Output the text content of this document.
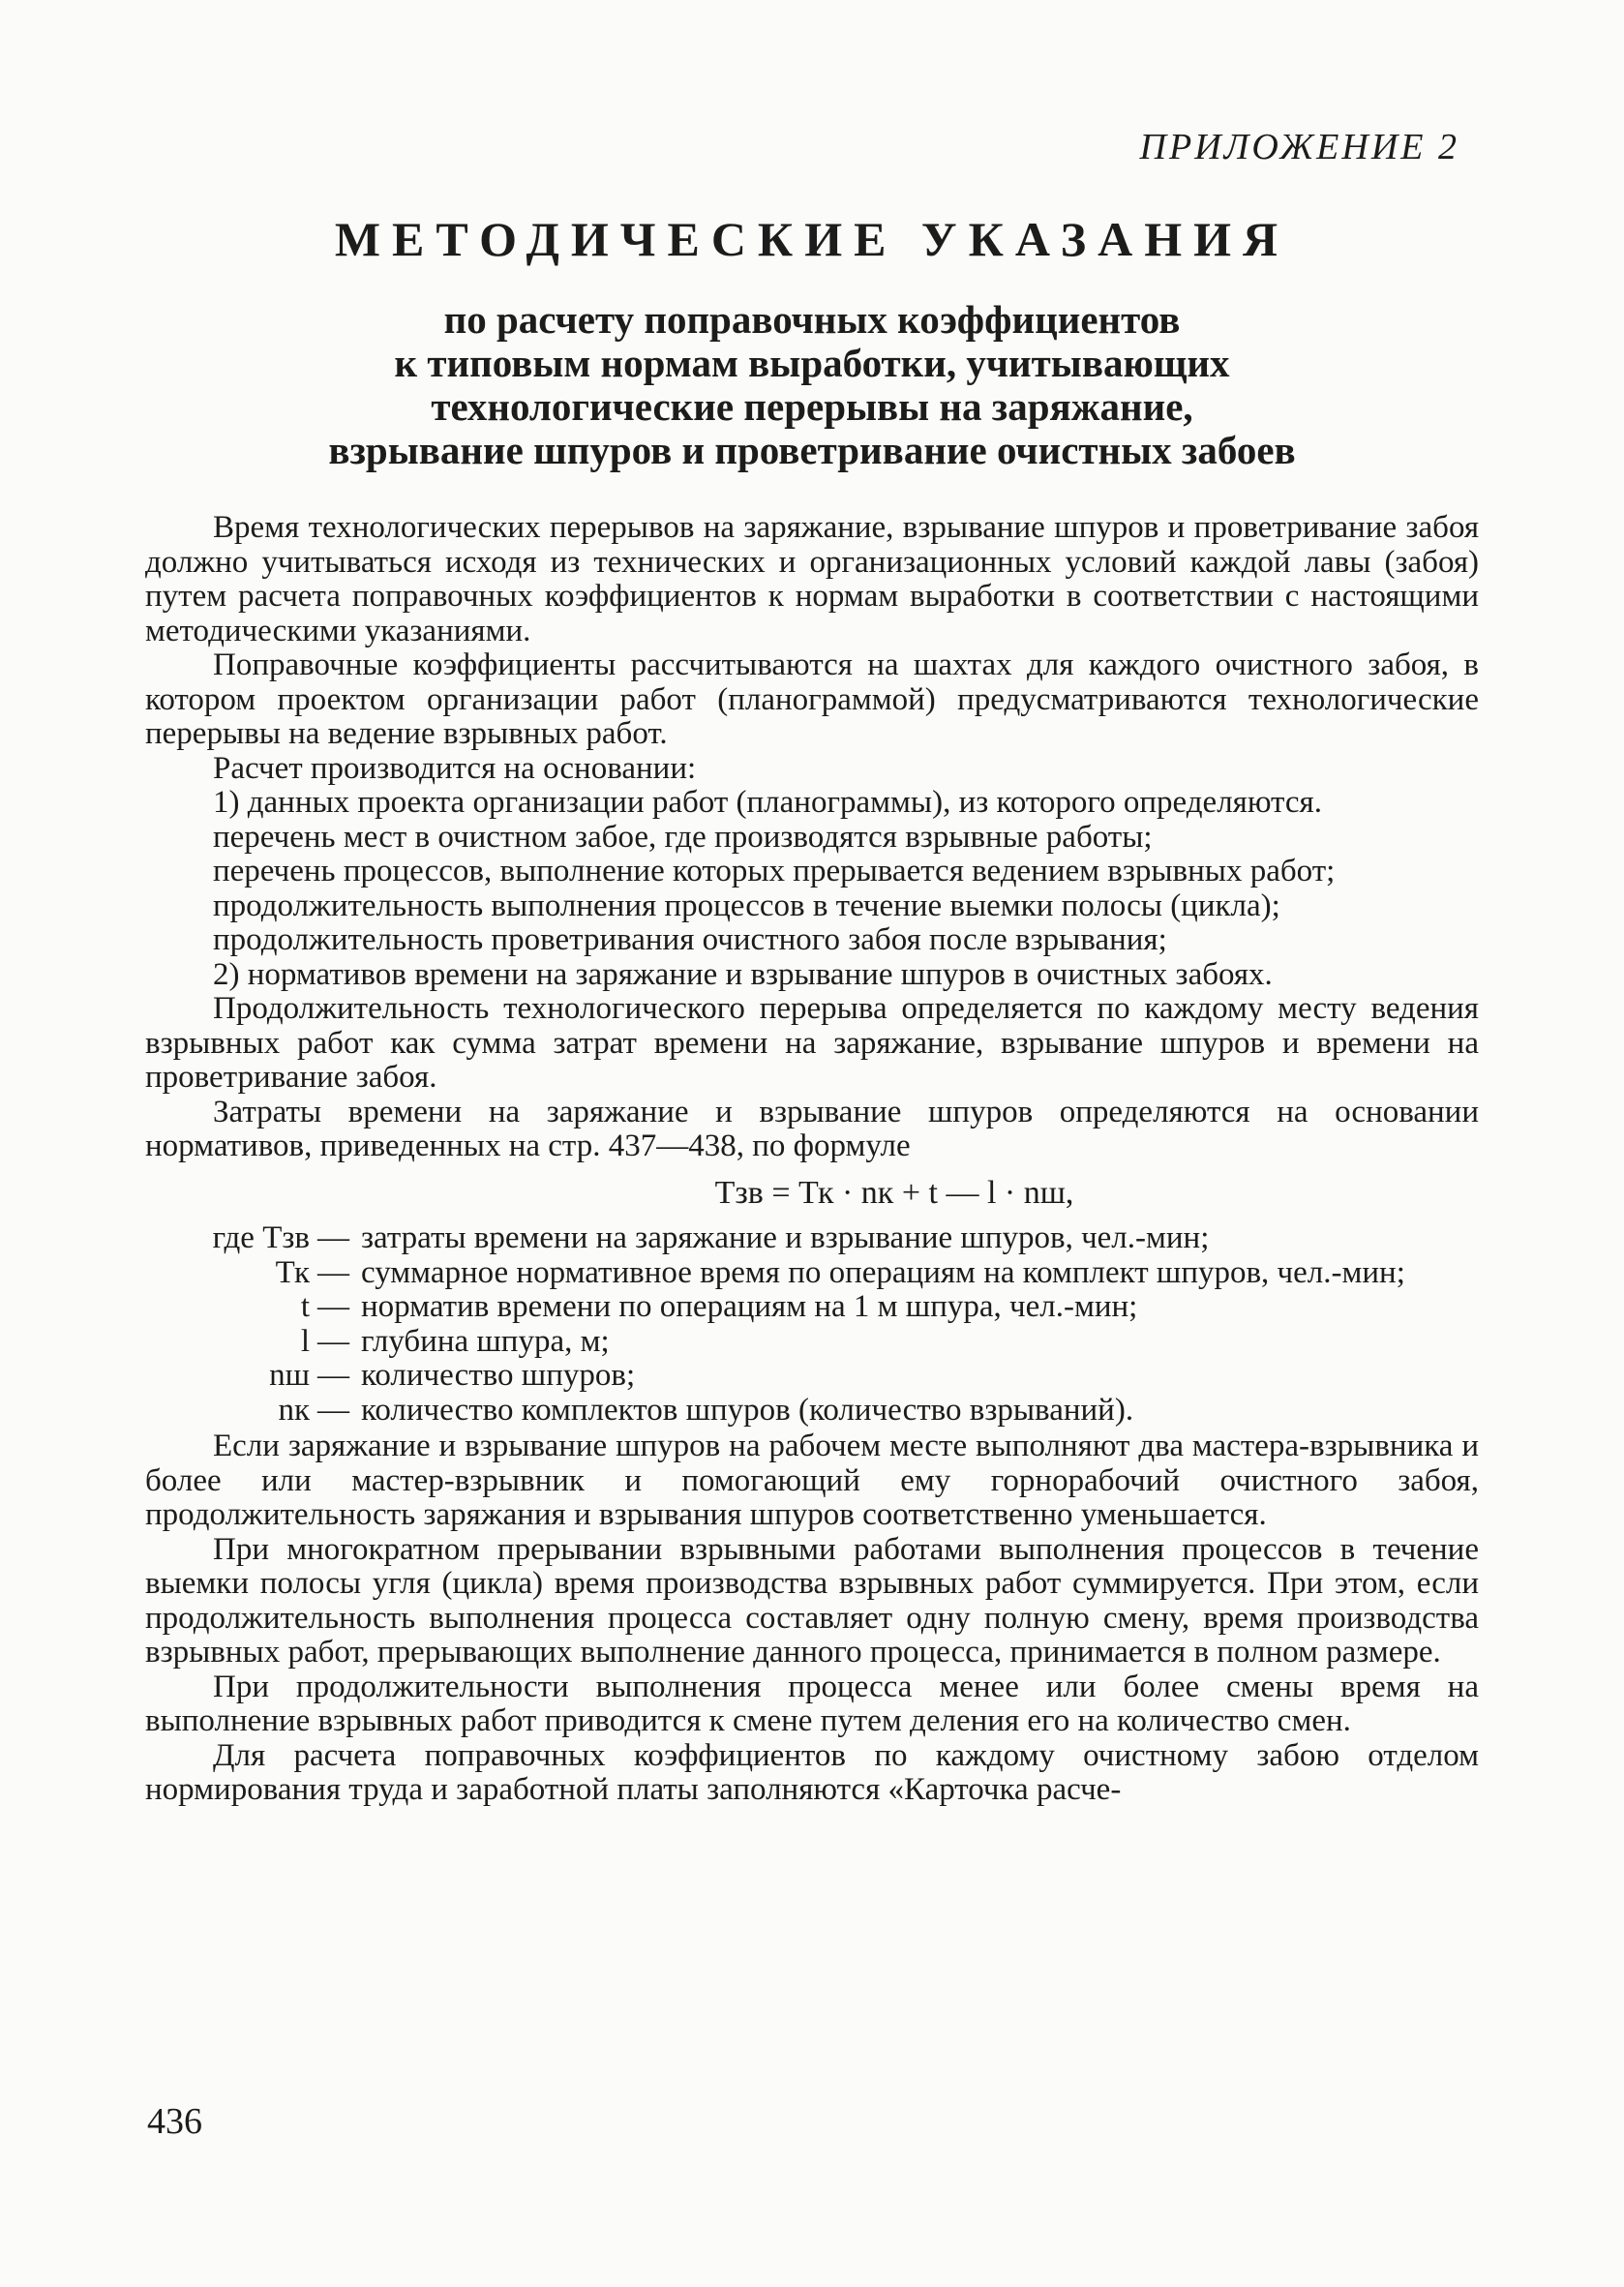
ПРИЛОЖЕНИЕ 2
МЕТОДИЧЕСКИЕ УКАЗАНИЯ
по расчету поправочных коэффициентов
к типовым нормам выработки, учитывающих
технологические перерывы на заряжание,
взрывание шпуров и проветривание очистных забоев

Время технологических перерывов на заряжание, взрывание шпуров и проветривание забоя должно учитываться исходя из технических и организационных условий каждой лавы (забоя) путем расчета поправочных коэффициентов к нормам выработки в соответствии с настоящими методическими указаниями.

Поправочные коэффициенты рассчитываются на шахтах для каждого очистного забоя, в котором проектом организации работ (планограммой) предусматриваются технологические перерывы на ведение взрывных работ.

Расчет производится на основании:

1) данных проекта организации работ (планограммы), из которого определяются.

перечень мест в очистном забое, где производятся взрывные работы;

перечень процессов, выполнение которых прерывается ведением взрывных работ;

продолжительность выполнения процессов в течение выемки полосы (цикла);

продолжительность проветривания очистного забоя после взрывания;

2) нормативов времени на заряжание и взрывание шпуров в очистных забоях.

Продолжительность технологического перерыва определяется по каждому месту ведения взрывных работ как сумма затрат времени на заряжание, взрывание шпуров и времени на проветривание забоя.

Затраты времени на заряжание и взрывание шпуров определяются на основании нормативов, приведенных на стр. 437—438, по формуле

Тзв = Тк · nк + t — l · nш,
где Тзв — затраты времени на заряжание и взрывание шпуров, чел.-мин;
Тк — суммарное нормативное время по операциям на комплект шпуров, чел.-мин;
t — норматив времени по операциям на 1 м шпура, чел.-мин;
l — глубина шпура, м;
nш — количество шпуров;
nк — количество комплектов шпуров (количество взрываний).

Если заряжание и взрывание шпуров на рабочем месте выполняют два мастера-взрывника и более или мастер-взрывник и помогающий ему горнорабочий очистного забоя, продолжительность заряжания и взрывания шпуров соответственно уменьшается.

При многократном прерывании взрывными работами выполнения процессов в течение выемки полосы угля (цикла) время производства взрывных работ суммируется. При этом, если продолжительность выполнения процесса составляет одну полную смену, время производства взрывных работ, прерывающих выполнение данного процесса, принимается в полном размере.

При продолжительности выполнения процесса менее или более смены время на выполнение взрывных работ приводится к смене путем деления его на количество смен.

Для расчета поправочных коэффициентов по каждому очистному забою отделом нормирования труда и заработной платы заполняются «Карточка расче-

436
